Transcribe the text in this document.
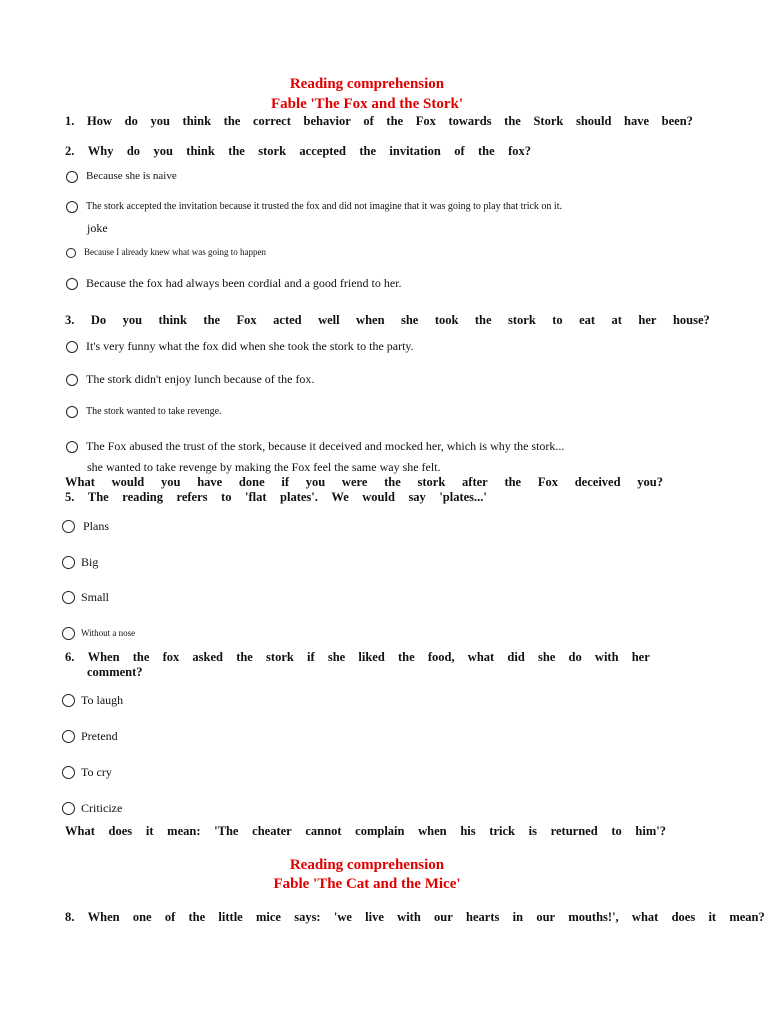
Reading comprehension
Fable 'The Fox and the Stork'
1. How do you think the correct behavior of the Fox towards the Stork should have been?
2. Why do you think the stork accepted the invitation of the fox?
Because she is naive
The stork accepted the invitation because it trusted the fox and did not imagine that it was going to play that trick on it.
joke
Because I already knew what was going to happen
Because the fox had always been cordial and a good friend to her.
3. Do you think the Fox acted well when she took the stork to eat at her house?
It's very funny what the fox did when she took the stork to the party.
The stork didn't enjoy lunch because of the fox.
The stork wanted to take revenge.
The Fox abused the trust of the stork, because it deceived and mocked her, which is why the stork...
she wanted to take revenge by making the Fox feel the same way she felt.
What would you have done if you were the stork after the Fox deceived you?
5. The reading refers to 'flat plates'. We would say 'plates...'
Plans
Big
Small
Without a nose
6. When the fox asked the stork if she liked the food, what did she do with her
comment?
To laugh
Pretend
To cry
Criticize
What does it mean: 'The cheater cannot complain when his trick is returned to him'?
Reading comprehension
Fable 'The Cat and the Mice'
8. When one of the little mice says: 'we live with our hearts in our mouths!', what does it mean?
